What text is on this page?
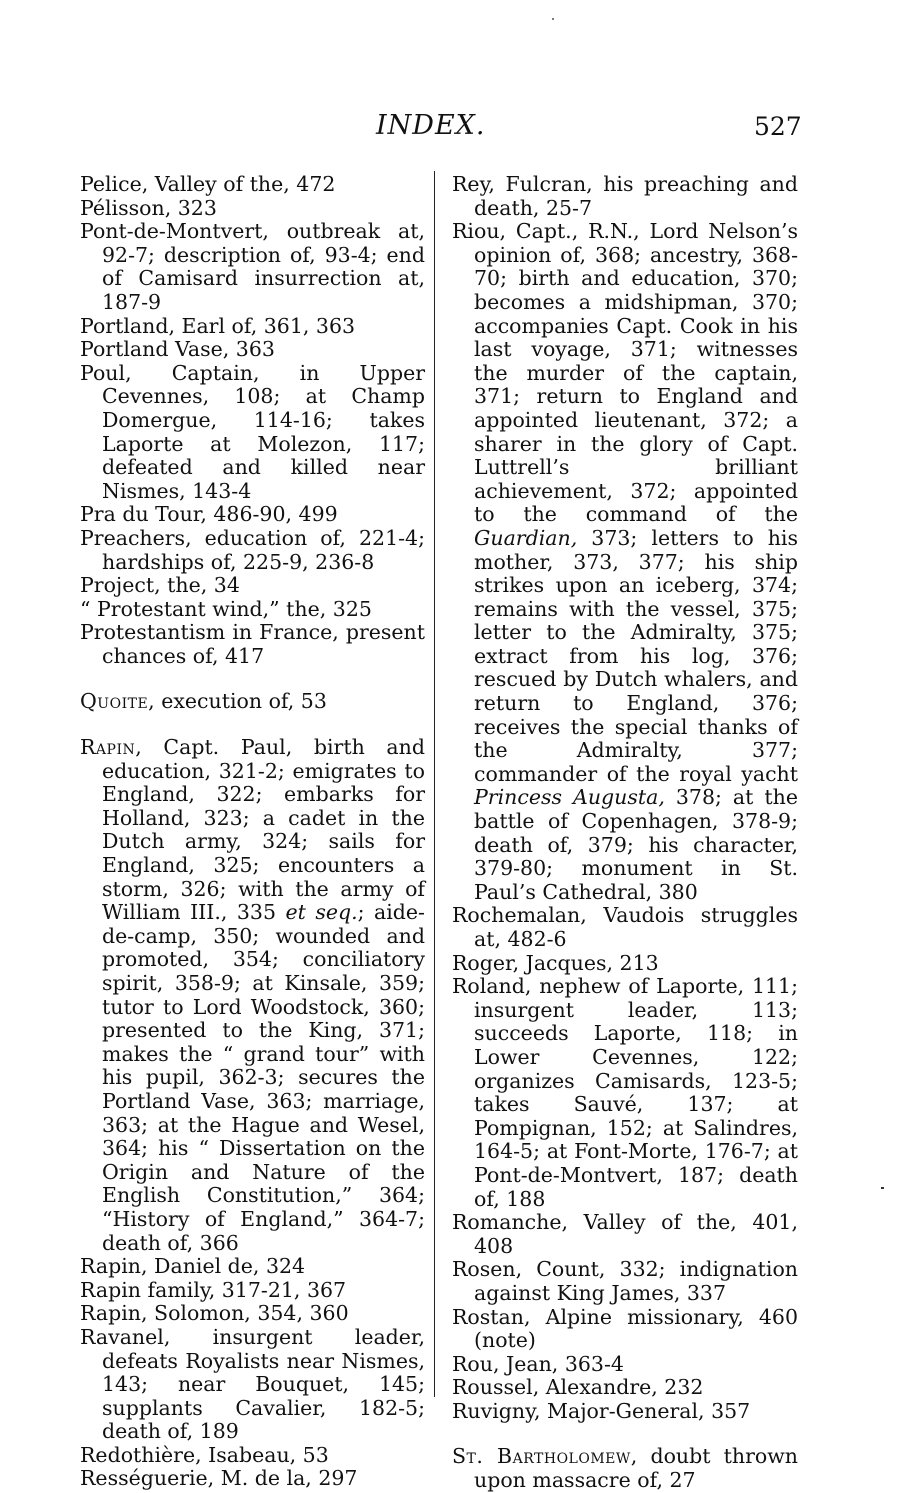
INDEX.	527
Pelice, Valley of the, 472
Pélisson, 323
Pont-de-Montvert, outbreak at, 92-7; description of, 93-4; end of Camisard insurrection at, 187-9
Portland, Earl of, 361, 363
Portland Vase, 363
Poul, Captain, in Upper Cevennes, 108; at Champ Domergue, 114-16; takes Laporte at Molezon, 117; defeated and killed near Nismes, 143-4
Pra du Tour, 486-90, 499
Preachers, education of, 221-4; hardships of, 225-9, 236-8
Project, the, 34
“ Protestant wind,” the, 325
Protestantism in France, present chances of, 417
Quoite, execution of, 53
Rapin, Capt. Paul, birth and education, 321-2; emigrates to England, 322; embarks for Holland, 323; a cadet in the Dutch army, 324; sails for England, 325; encounters a storm, 326; with the army of William III., 335 et seq.; aide-de-camp, 350; wounded and promoted, 354; conciliatory spirit, 358-9; at Kinsale, 359; tutor to Lord Woodstock, 360; presented to the King, 371; makes the “ grand tour” with his pupil, 362-3; secures the Portland Vase, 363; marriage, 363; at the Hague and Wesel, 364; his “ Dissertation on the Origin and Nature of the English Constitution,” 364; “History of England,” 364-7; death of, 366
Rapin, Daniel de, 324
Rapin family, 317-21, 367
Rapin, Solomon, 354, 360
Ravanel, insurgent leader, defeats Royalists near Nismes, 143; near Bouquet, 145; supplants Cavalier, 182-5; death of, 189
Redothière, Isabeau, 53
Rességuerie, M. de la, 297
Rey, Fulcran, his preaching and death, 25-7
Riou, Capt., R.N., Lord Nelson’s opinion of, 368; ancestry, 368-70; birth and education, 370; becomes a midshipman, 370; accompanies Capt. Cook in his last voyage, 371; witnesses the murder of the captain, 371; return to England and appointed lieutenant, 372; a sharer in the glory of Capt. Luttrell’s brilliant achievement, 372; appointed to the command of the Guardian, 373; letters to his mother, 373, 377; his ship strikes upon an iceberg, 374; remains with the vessel, 375; letter to the Admiralty, 375; extract from his log, 376; rescued by Dutch whalers, and return to England, 376; receives the special thanks of the Admiralty, 377; commander of the royal yacht Princess Augusta, 378; at the battle of Copenhagen, 378-9; death of, 379; his character, 379-80; monument in St. Paul’s Cathedral, 380
Rochemalan, Vaudois struggles at, 482-6
Roger, Jacques, 213
Roland, nephew of Laporte, 111; insurgent leader, 113; succeeds Laporte, 118; in Lower Cevennes, 122; organizes Camisards, 123-5; takes Sauvé, 137; at Pompignan, 152; at Salindres, 164-5; at Font-Morte, 176-7; at Pont-de-Montvert, 187; death of, 188
Romanche, Valley of the, 401, 408
Rosen, Count, 332; indignation against King James, 337
Rostan, Alpine missionary, 460 (note)
Rou, Jean, 363-4
Roussel, Alexandre, 232
Ruvigny, Major-General, 357
St. Bartholomew, doubt thrown upon massacre of, 27
